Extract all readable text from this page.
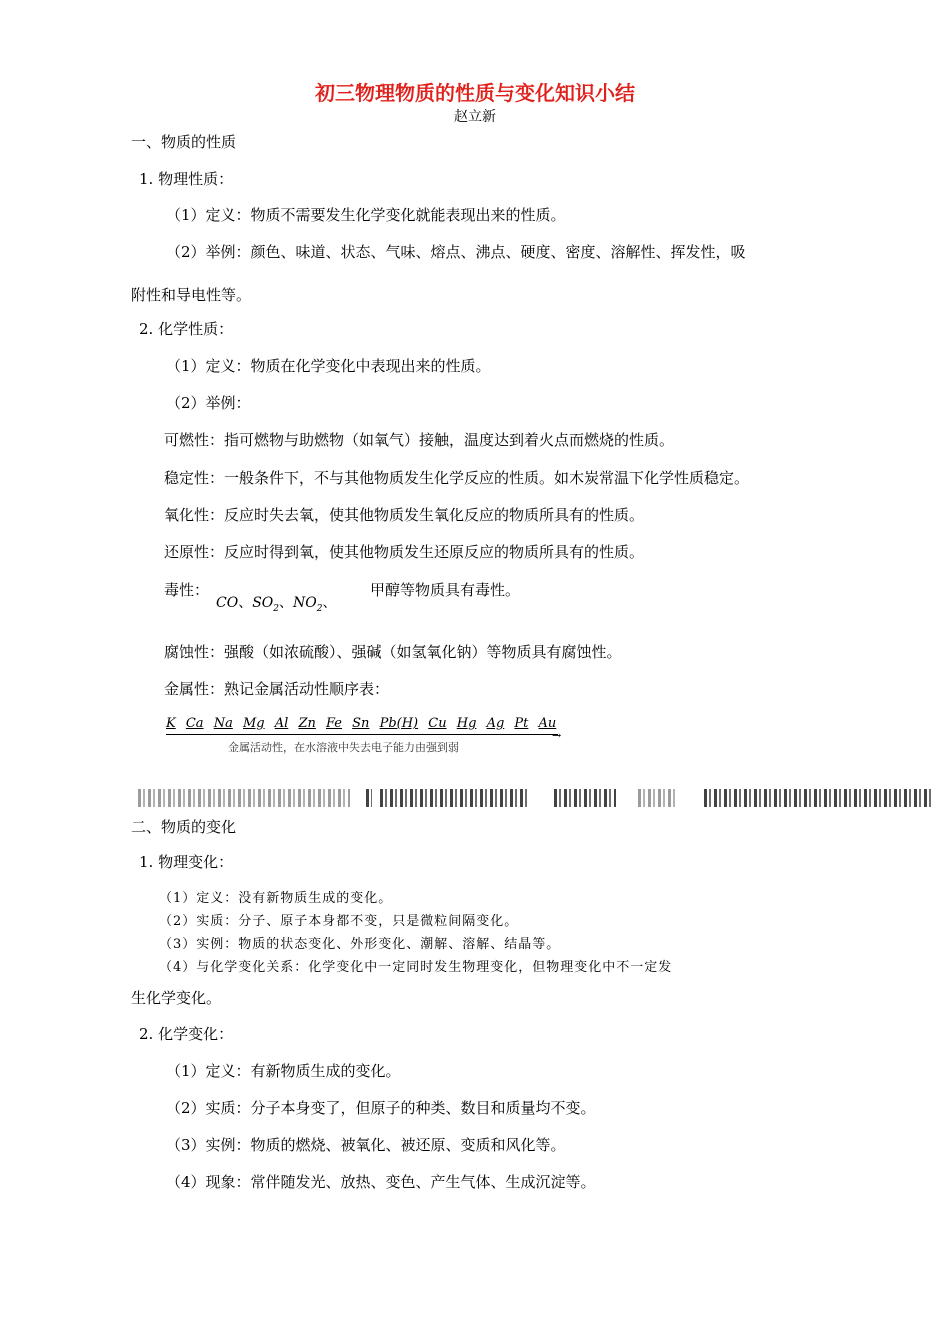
初三物理物质的性质与变化知识小结
赵立新
一、物质的性质
1. 物理性质：
（1）定义：物质不需要发生化学变化就能表现出来的性质。
（2）举例：颜色、味道、状态、气味、熔点、沸点、硬度、密度、溶解性、挥发性，吸
附性和导电性等。
2. 化学性质：
（1）定义：物质在化学变化中表现出来的性质。
（2）举例：
可燃性：指可燃物与助燃物（如氧气）接触，温度达到着火点而燃烧的性质。
稳定性：一般条件下，不与其他物质发生化学反应的性质。如木炭常温下化学性质稳定。
氧化性：反应时失去氧，使其他物质发生氧化反应的物质所具有的性质。
还原性：反应时得到氧，使其他物质发生还原反应的物质所具有的性质。
毒性：
CO、$SO_2$、$NO_2$、
甲醇等物质具有毒性。
腐蚀性：强酸（如浓硫酸）、强碱（如氢氧化钠）等物质具有腐蚀性。
金属性：熟记金属活动性顺序表：
K Ca Na Mg Al Zn Fe Sn Pb(H) Cu Hg Ag Pt Au
→
金属活动性，在水溶液中失去电子能力由强到弱
二、物质的变化
1. 物理变化：
（1）定义：没有新物质生成的变化。
（2）实质：分子、原子本身都不变，只是微粒间隔变化。
（3）实例：物质的状态变化、外形变化、潮解、溶解、结晶等。
（4）与化学变化关系：化学变化中一定同时发生物理变化，但物理变化中不一定发
生化学变化。
2. 化学变化：
（1）定义：有新物质生成的变化。
（2）实质：分子本身变了，但原子的种类、数目和质量均不变。
（3）实例：物质的燃烧、被氧化、被还原、变质和风化等。
（4）现象：常伴随发光、放热、变色、产生气体、生成沉淀等。
